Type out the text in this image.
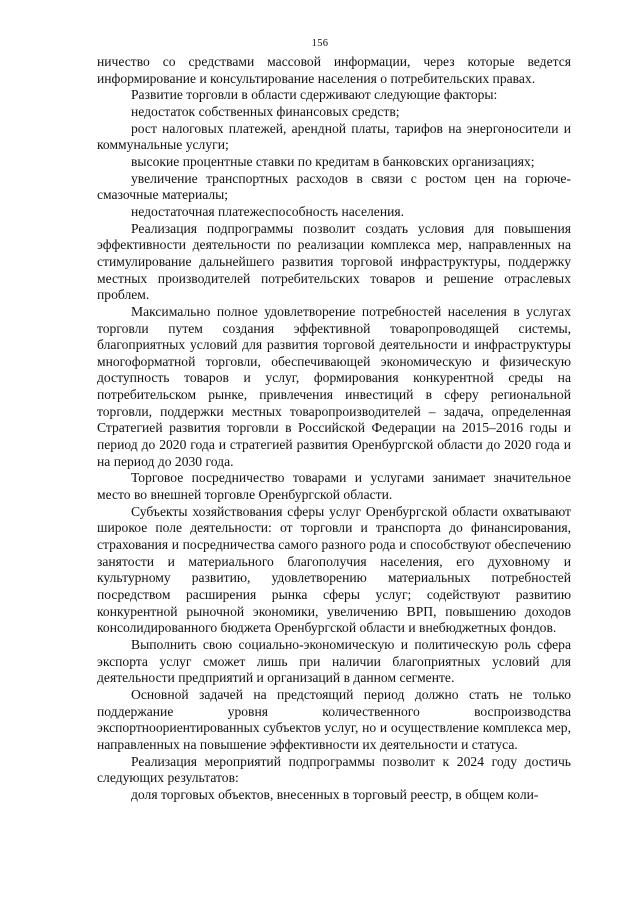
156

ничество со средствами массовой информации, через которые ведется информирование и консультирование населения о потребительских правах.

Развитие торговли в области сдерживают следующие факторы:

недостаток собственных финансовых средств;

рост налоговых платежей, арендной платы, тарифов на энергоносители и коммунальные услуги;

высокие процентные ставки по кредитам в банковских организациях;

увеличение транспортных расходов в связи с ростом цен на горюче-смазочные материалы;

недостаточная платежеспособность населения.

Реализация подпрограммы позволит создать условия для повышения эффективности деятельности по реализации комплекса мер, направленных на стимулирование дальнейшего развития торговой инфраструктуры, поддержку местных производителей потребительских товаров и решение отраслевых проблем.

Максимально полное удовлетворение потребностей населения в услугах торговли путем создания эффективной товаропроводящей системы, благоприятных условий для развития торговой деятельности и инфраструктуры многоформатной торговли, обеспечивающей экономическую и физическую доступность товаров и услуг, формирования конкурентной среды на потребительском рынке, привлечения инвестиций в сферу региональной торговли, поддержки местных товаропроизводителей – задача, определенная Стратегией развития торговли в Российской Федерации на 2015–2016 годы и период до 2020 года и стратегией развития Оренбургской области до 2020 года и на период до 2030 года.

Торговое посредничество товарами и услугами занимает значительное место во внешней торговле Оренбургской области.

Субъекты хозяйствования сферы услуг Оренбургской области охватывают широкое поле деятельности: от торговли и транспорта до финансирования, страхования и посредничества самого разного рода и способствуют обеспечению занятости и материального благополучия населения, его духовному и культурному развитию, удовлетворению материальных потребностей посредством расширения рынка сферы услуг; содействуют развитию конкурентной рыночной экономики, увеличению ВРП, повышению доходов консолидированного бюджета Оренбургской области и внебюджетных фондов.

Выполнить свою социально-экономическую и политическую роль сфера экспорта услуг сможет лишь при наличии благоприятных условий для деятельности предприятий и организаций в данном сегменте.

Основной задачей на предстоящий период должно стать не только поддержание уровня количественного воспроизводства экспортноориентированных субъектов услуг, но и осуществление комплекса мер, направленных на повышение эффективности их деятельности и статуса.

Реализация мероприятий подпрограммы позволит к 2024 году достичь следующих результатов:

доля торговых объектов, внесенных в торговый реестр, в общем коли-
